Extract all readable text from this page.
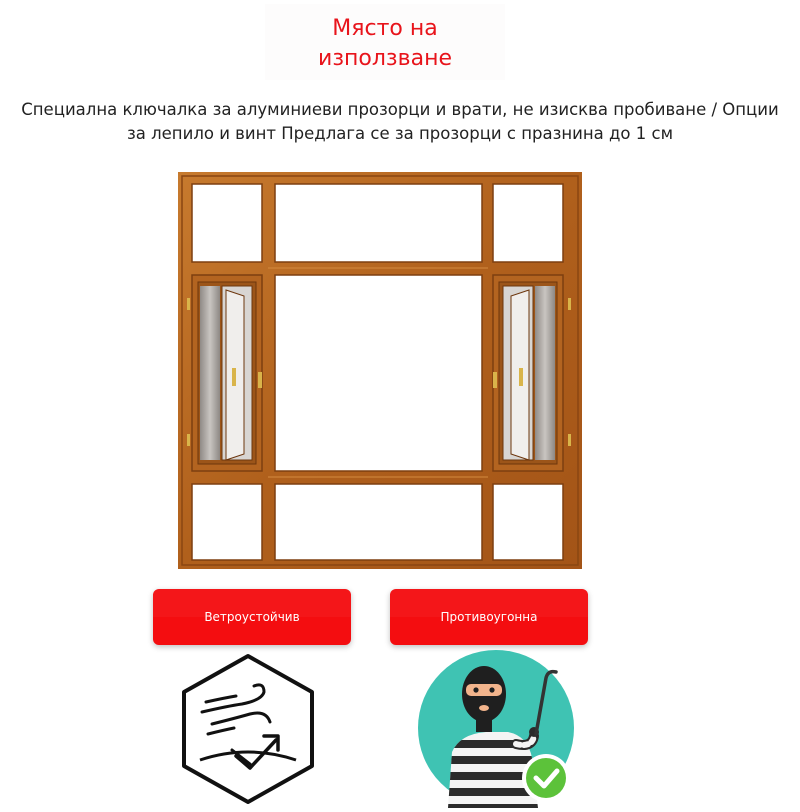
Място на
използване
Специална ключалка за алуминиеви прозорци и врати, не изисква пробиване / Опции за лепило и винт Предлага се за прозорци с празнина до 1 см
Ветроустойчив	Противоугонна
